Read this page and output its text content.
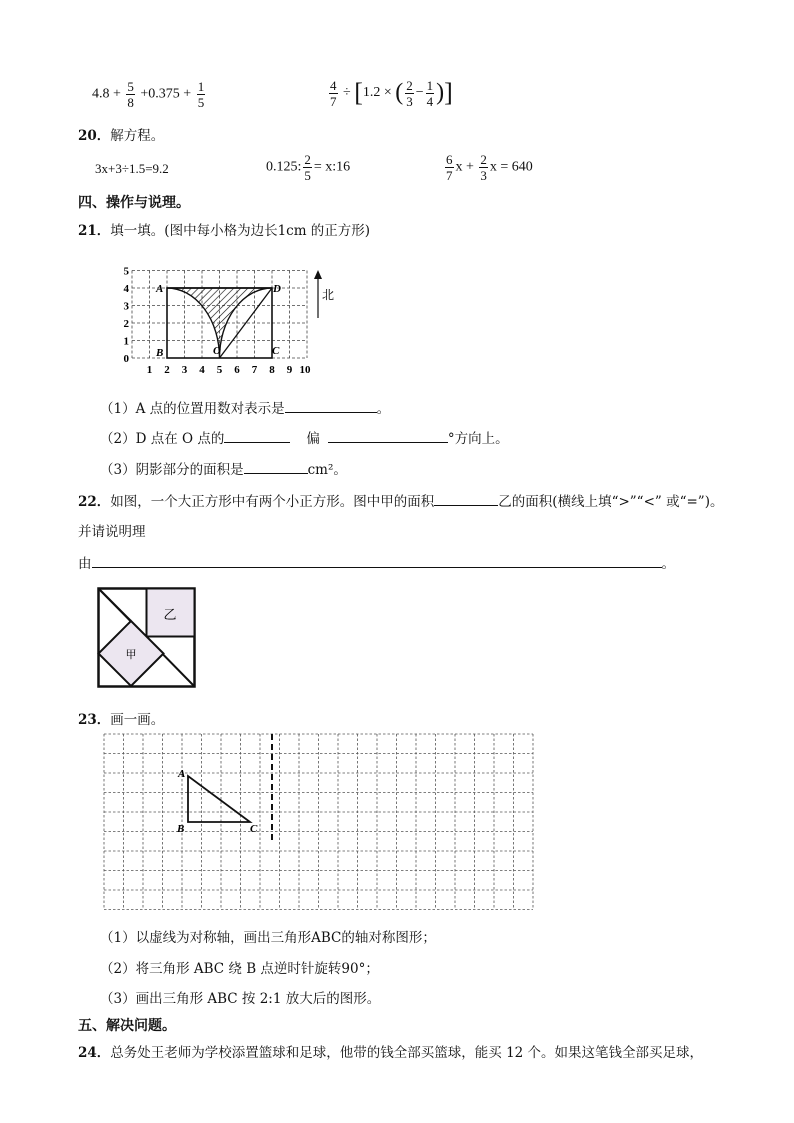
$4.8 + \frac{5}{8} +0.375 + \frac{1}{5}$	$\frac{4}{7} \div [1.2$ × ( $\frac{2}{3} - \frac{1}{4}$ )]
20．解方程。
3x+3÷1.5=9.2	0.125: $\frac{2}{5}$ = x:16	$\frac{6}{7}$ $x + \frac{2}{3}$ x = 640
四、操作与说理。
21．填一填。(图中每小格为边长1cm 的正方形)
0
1
2
3
4
5
1 2 3 4 5 6 7 8 9 10
A
B	C
D
O
北
（1）A 点的位置用数对表示是	。
（2）D 点在 O 点的	偏	°方向上。
（3）阴影部分的面积是	cm²。
22．如图，一个大正方形中有两个小正方形。图中甲的面积	乙的面积(横线上填“>”“<” 或“=”)。
并请说明理
由	。
乙
甲
23．画一画。
A
B	C
（1）以虚线为对称轴，画出三角形ABC的轴对称图形；
（2）将三角形 ABC 绕 B 点逆时针旋转90°；
（3）画出三角形 ABC 按 2:1 放大后的图形。
五、解决问题。
24．总务处王老师为学校添置篮球和足球，他带的钱全部买篮球，能买 12 个。如果这笔钱全部买足球，
